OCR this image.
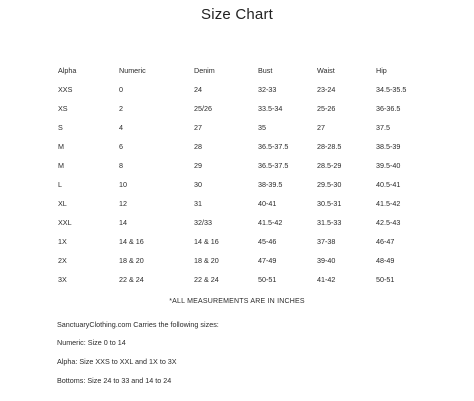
Size Chart
Alpha	Numeric	Denim	Bust	Waist	Hip
XXS	0	24	32-33	23-24	34.5-35.5
XS	2	25/26	33.5-34	25-26	36-36.5
S	4	27	35	27	37.5
M	6	28	36.5-37.5	28-28.5	38.5-39
M	8	29	36.5-37.5	28.5-29	39.5-40
L	10	30	38-39.5	29.5-30	40.5-41
XL	12	31	40-41	30.5-31	41.5-42
XXL	14	32/33	41.5-42	31.5-33	42.5-43
1X	14 & 16	14 & 16	45-46	37-38	46-47
2X	18 & 20	18 & 20	47-49	39-40	48-49
3X	22 & 24	22 & 24	50-51	41-42	50-51
*ALL MEASUREMENTS ARE IN INCHES
SanctuaryClothing.com Carries the following sizes:
Numeric: Size 0 to 14
Alpha: Size XXS to XXL and 1X to 3X
Bottoms: Size 24 to 33 and 14 to 24
